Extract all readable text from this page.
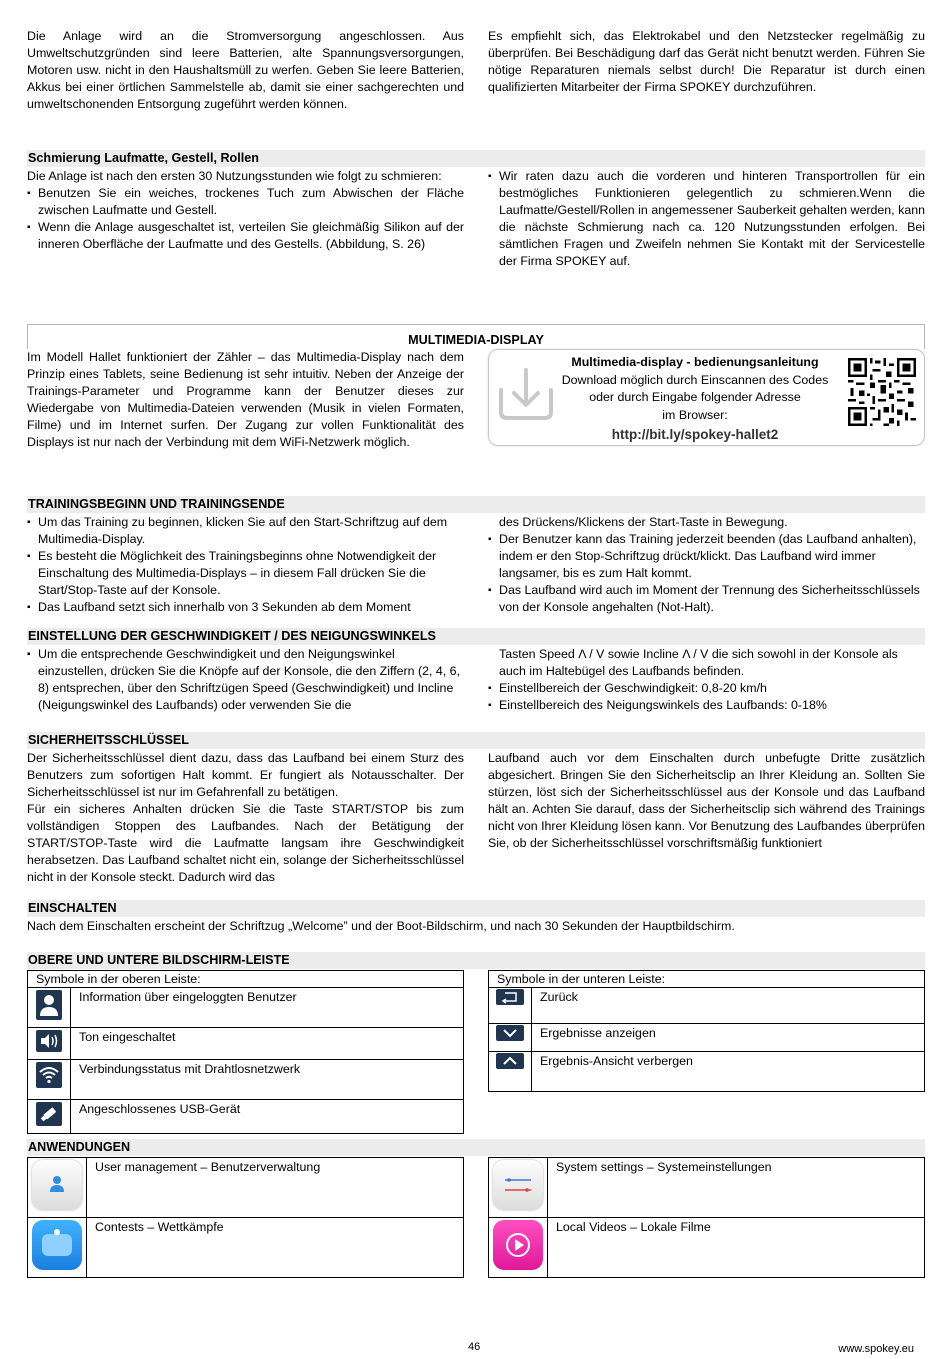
Die Anlage wird an die Stromversorgung angeschlossen. Aus Umweltschutzgründen sind leere Batterien, alte Spannungsversorgungen, Motoren usw. nicht in den Haushaltsmüll zu werfen. Geben Sie leere Batterien, Akkus bei einer örtlichen Sammelstelle ab, damit sie einer sachgerechten und umweltschonenden Entsorgung zugeführt werden können.
Es empfiehlt sich, das Elektrokabel und den Netzstecker regelmäßig zu überprüfen. Bei Beschädigung darf das Gerät nicht benutzt werden. Führen Sie nötige Reparaturen niemals selbst durch! Die Reparatur ist durch einen qualifizierten Mitarbeiter der Firma SPOKEY durchzuführen.
Schmierung Laufmatte, Gestell, Rollen
Die Anlage ist nach den ersten 30 Nutzungsstunden wie folgt zu schmieren:
▪ Benutzen Sie ein weiches, trockenes Tuch zum Abwischen der Fläche zwischen Laufmatte und Gestell.
▪ Wenn die Anlage ausgeschaltet ist, verteilen Sie gleichmäßig Silikon auf der inneren Oberfläche der Laufmatte und des Gestells. (Abbildung, S. 26)
▪ Wir raten dazu auch die vorderen und hinteren Transportrollen für ein bestmögliches Funktionieren gelegentlich zu schmieren.Wenn die Laufmatte/Gestell/Rollen in angemessener Sauberkeit gehalten werden, kann die nächste Schmierung nach ca. 120 Nutzungsstunden erfolgen. Bei sämtlichen Fragen und Zweifeln nehmen Sie Kontakt mit der Servicestelle der Firma SPOKEY auf.
MULTIMEDIA-DISPLAY
Im Modell Hallet funktioniert der Zähler – das Multimedia-Display nach dem Prinzip eines Tablets, seine Bedienung ist sehr intuitiv. Neben der Anzeige der Trainings-Parameter und Programme kann der Benutzer dieses zur Wiedergabe von Multimedia-Dateien verwenden (Musik in vielen Formaten, Filme) und im Internet surfen. Der Zugang zur vollen Funktionalität des Displays ist nur nach der Verbindung mit dem WiFi-Netzwerk möglich.
Multimedia-display - bedienungsanleitung
Download möglich durch Einscannen des Codes
oder durch Eingabe folgender Adresse
im Browser:
http://bit.ly/spokey-hallet2
TRAININGSBEGINN UND TRAININGSENDE
▪ Um das Training zu beginnen, klicken Sie auf den Start-Schriftzug auf dem Multimedia-Display.
▪ Es besteht die Möglichkeit des Trainingsbeginns ohne Notwendigkeit der Einschaltung des Multimedia-Displays – in diesem Fall drücken Sie die Start/Stop-Taste auf der Konsole.
▪ Das Laufband setzt sich innerhalb von 3 Sekunden ab dem Moment
des Drückens/Klickens der Start-Taste in Bewegung.
▪ Der Benutzer kann das Training jederzeit beenden (das Laufband anhalten), indem er den Stop-Schriftzug drückt/klickt. Das Laufband wird immer langsamer, bis es zum Halt kommt.
▪ Das Laufband wird auch im Moment der Trennung des Sicherheitsschlüssels von der Konsole angehalten (Not-Halt).
EINSTELLUNG DER GESCHWINDIGKEIT / DES NEIGUNGSWINKELS
▪ Um die entsprechende Geschwindigkeit und den Neigungswinkel einzustellen, drücken Sie die Knöpfe auf der Konsole, die den Ziffern (2, 4, 6, 8) entsprechen, über den Schriftzügen Speed (Geschwindigkeit) und Incline (Neigungswinkel des Laufbands) oder verwenden Sie die
Tasten Speed Λ / V sowie Incline Λ / V die sich sowohl in der Konsole als auch im Haltebügel des Laufbands befinden.
▪ Einstellbereich der Geschwindigkeit: 0,8-20 km/h
▪ Einstellbereich des Neigungswinkels des Laufbands: 0-18%
SICHERHEITSSCHLÜSSEL
Der Sicherheitsschlüssel dient dazu, dass das Laufband bei einem Sturz des Benutzers zum sofortigen Halt kommt. Er fungiert als Notausschalter. Der Sicherheitsschlüssel ist nur im Gefahrenfall zu betätigen.
Für ein sicheres Anhalten drücken Sie die Taste START/STOP bis zum vollständigen Stoppen des Laufbandes. Nach der Betätigung der START/STOP-Taste wird die Laufmatte langsam ihre Geschwindigkeit herabsetzen. Das Laufband schaltet nicht ein, solange der Sicherheitsschlüssel nicht in der Konsole steckt. Dadurch wird das
Laufband auch vor dem Einschalten durch unbefugte Dritte zusätzlich abgesichert. Bringen Sie den Sicherheitsclip an Ihrer Kleidung an. Sollten Sie stürzen, löst sich der Sicherheitsschlüssel aus der Konsole und das Laufband hält an. Achten Sie darauf, dass der Sicherheitsclip sich während des Trainings nicht von Ihrer Kleidung lösen kann. Vor Benutzung des Laufbandes überprüfen Sie, ob der Sicherheitsschlüssel vorschriftsmäßig funktioniert
EINSCHALTEN
Nach dem Einschalten erscheint der Schriftzug „Welcome” und der Boot-Bildschirm, und nach 30 Sekunden der Hauptbildschirm.
OBERE UND UNTERE BILDSCHIRM-LEISTE
Symbole in der oberen Leiste:
	Information über eingeloggten Benutzer
	Ton eingeschaltet
	Verbindungsstatus mit Drahtlosnetzwerk
	Angeschlossenes USB-Gerät
Symbole in der unteren Leiste:
	Zurück
	Ergebnisse anzeigen
	Ergebnis-Ansicht verbergen
ANWENDUNGEN
	User management – Benutzerverwaltung
	Contests – Wettkämpfe
	System settings – Systemeinstellungen
	Local Videos – Lokale Filme
46	www.spokey.eu
